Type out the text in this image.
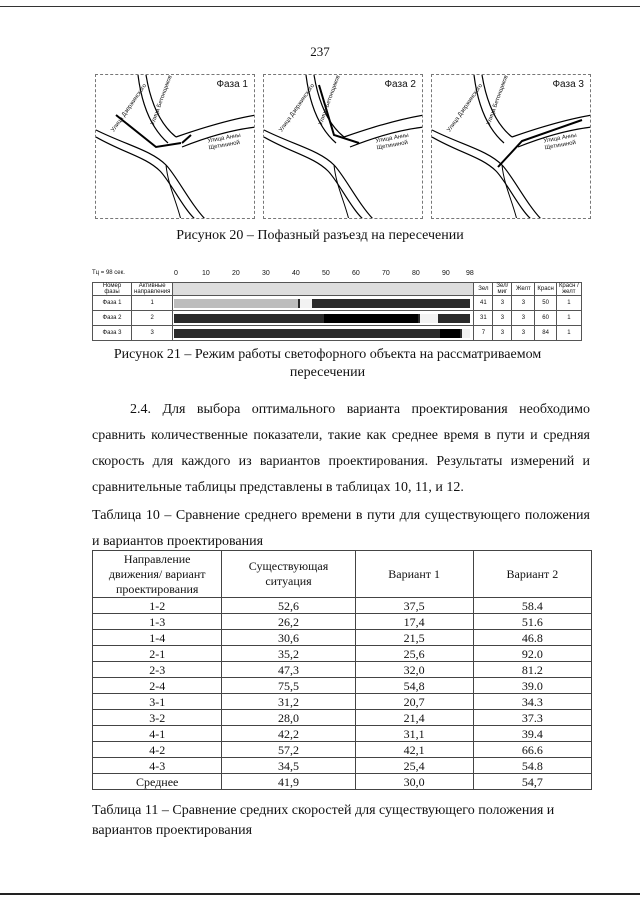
237
Фаза 1
Улица Дзержинского Улица Бетонщиков
Улица Анны Щетининой
Фаза 2
Улица Дзержинского Улица Бетонщиков
Улица Анны Щетининой
Фаза 3
Улица Дзержинского Улица Бетонщиков
Улица Анны Щетининой
Рисунок 20 – Пофазный разъезд на пересечении
Тц = 98 сек.	0	10	20	30	40	50	60	70	80	90 98
Номер фазы	Активные направления		Зел	Зел/ миг	Желт	Красн	Красн /желт
Фаза 1	1		41	3	3	50	1
Фаза 2	2		31	3	3	60	1
Фаза 3	3		7	3	3	84	1
Рисунок 21 – Режим работы светофорного объекта на рассматриваемом
пересечении
2.4. Для выбора оптимального варианта проектирования необходимо сравнить количественные показатели, такие как среднее время в пути и средняя скорость для каждого из вариантов проектирования. Результаты измерений и сравнительные таблицы представлены в таблицах 10, 11, и 12.
Таблица 10 – Сравнение среднего времени в пути для существующего положения и вариантов проектирования
Направление движения/ вариант проектирования	Существующая ситуация	Вариант 1	Вариант 2
1-2	52,6	37,5	58.4
1-3	26,2	17,4	51.6
1-4	30,6	21,5	46.8
2-1	35,2	25,6	92.0
2-3	47,3	32,0	81.2
2-4	75,5	54,8	39.0
3-1	31,2	20,7	34.3
3-2	28,0	21,4	37.3
4-1	42,2	31,1	39.4
4-2	57,2	42,1	66.6
4-3	34,5	25,4	54.8
Среднее	41,9	30,0	54,7
Таблица 11 – Сравнение средних скоростей для существующего положения и вариантов проектирования
